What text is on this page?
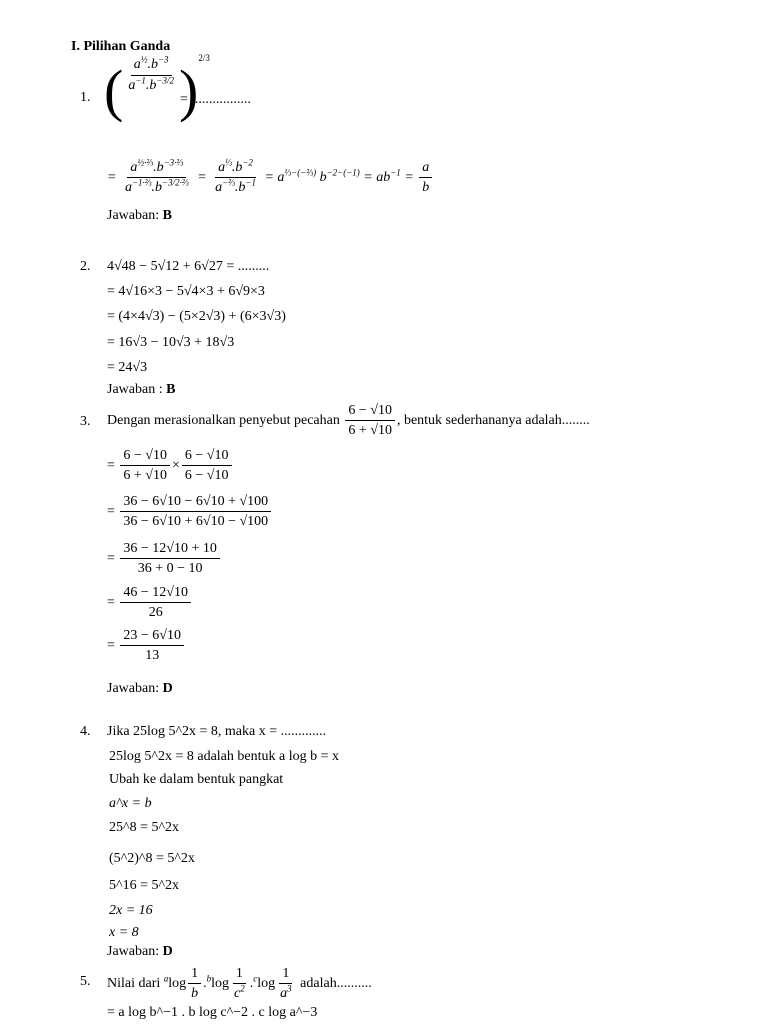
I. Pilihan Ganda
1. ( $\frac{a^{\frac{1}{2}}.b^{-3}}{a^{-1}.b^{-3/2}} )^{2/3}$
= .................
= $\frac{a^{\frac{1}{2}\cdot\frac{2}{3}}.b^{-3\cdot\frac{2}{3}}}{a^{-1\cdot\frac{2}{3}}.b^{-3/2\cdot\frac{2}{3}}} = \frac{a^{\frac{1}{3}}.b^{-2}}{a^{-\frac{2}{3}}.b^{-1}} = a^{\frac{1}{3}-(-\frac{2}{3})}$ $b^{-2-(-1)} = ab^{-1} = \frac{a}{b}$
Jawaban: B
2. 4√48 − 5√12 + 6√27 = .........
= 4√16×3 − 5√4×3 + 6√9×3
= (4×4√3) − (5×2√3) + (6×3√3)
= 16√3 − 10√3 + 18√3
= 24√3
Jawaban : B
3. Dengan merasionalkan penyebut pecahan $\frac{6 - √10}{6 + √10}$ , bentuk sederhananya adalah........
= $\frac{6 - √10}{6 + √10} \times \frac{6 - √10}{6 - √10}$
= $\frac{36 - 6√10 - 6√10 + √100}{36 - 6√10 + 6√10 - √100}$
= $\frac{36 - 12√10 + 10}{36 + 0 - 10}$
= $\frac{46 - 12√10}{26}$
= $\frac{23 - 6√10}{13}$
Jawaban: D
4. Jika 25log 5^2x = 8, maka x = .............
25log 5^2x = 8 adalah bentuk a log b = x
Ubah ke dalam bentuk pangkat
a^x = b
25^8 = 5^2x
(5^2)^8 = 5^2x
5^16 = 5^2x
2x = 16
x = 8
Jawaban: D
5. Nilai dari $^a\log \frac{1}{b} .^b\log \frac{1}{c^2} .^c\log \frac{1}{a^3}$ adalah..........
= a log b^−1 . b log c^−2 . c log a^−3
